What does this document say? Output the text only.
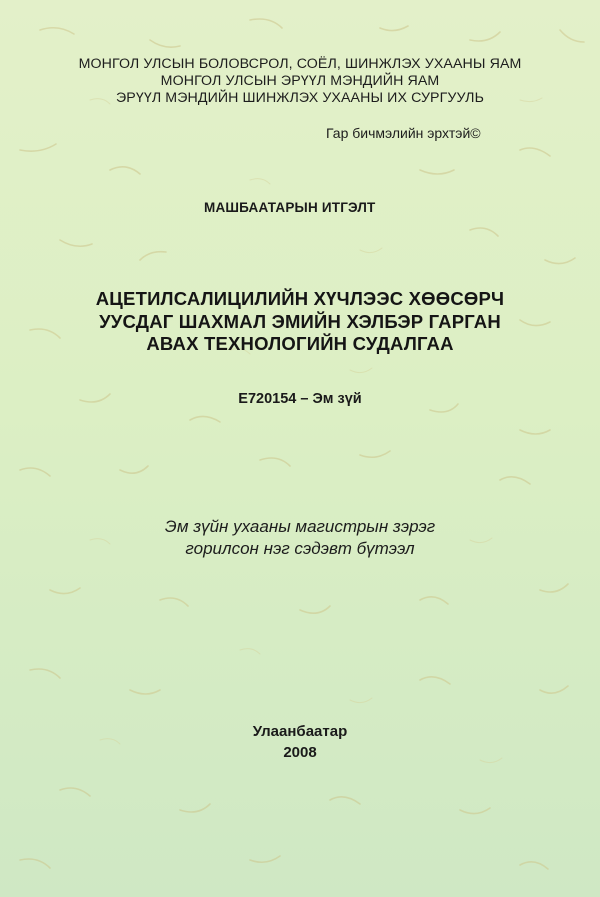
МОНГОЛ УЛСЫН БОЛОВСРОЛ, СОЁЛ, ШИНЖЛЭХ УХААНЫ ЯАМ
МОНГОЛ УЛСЫН ЭРҮҮЛ МЭНДИЙН ЯАМ
ЭРҮҮЛ МЭНДИЙН ШИНЖЛЭХ УХААНЫ ИХ СУРГУУЛЬ
Гар бичмэлийн эрхтэй©
МАШБААТАРЫН ИТГЭЛТ
АЦЕТИЛСАЛИЦИЛИЙН ХҮЧЛЭЭС ХӨӨСӨРЧ
УУСДАГ ШАХМАЛ ЭМИЙН ХЭЛБЭР ГАРГАН
АВАХ ТЕХНОЛОГИЙН СУДАЛГАА
E720154 – Эм зүй
Эм зүйн ухааны магистрын зэрэг
горилсон нэг сэдэвт бүтээл
Улаанбаатар
2008
